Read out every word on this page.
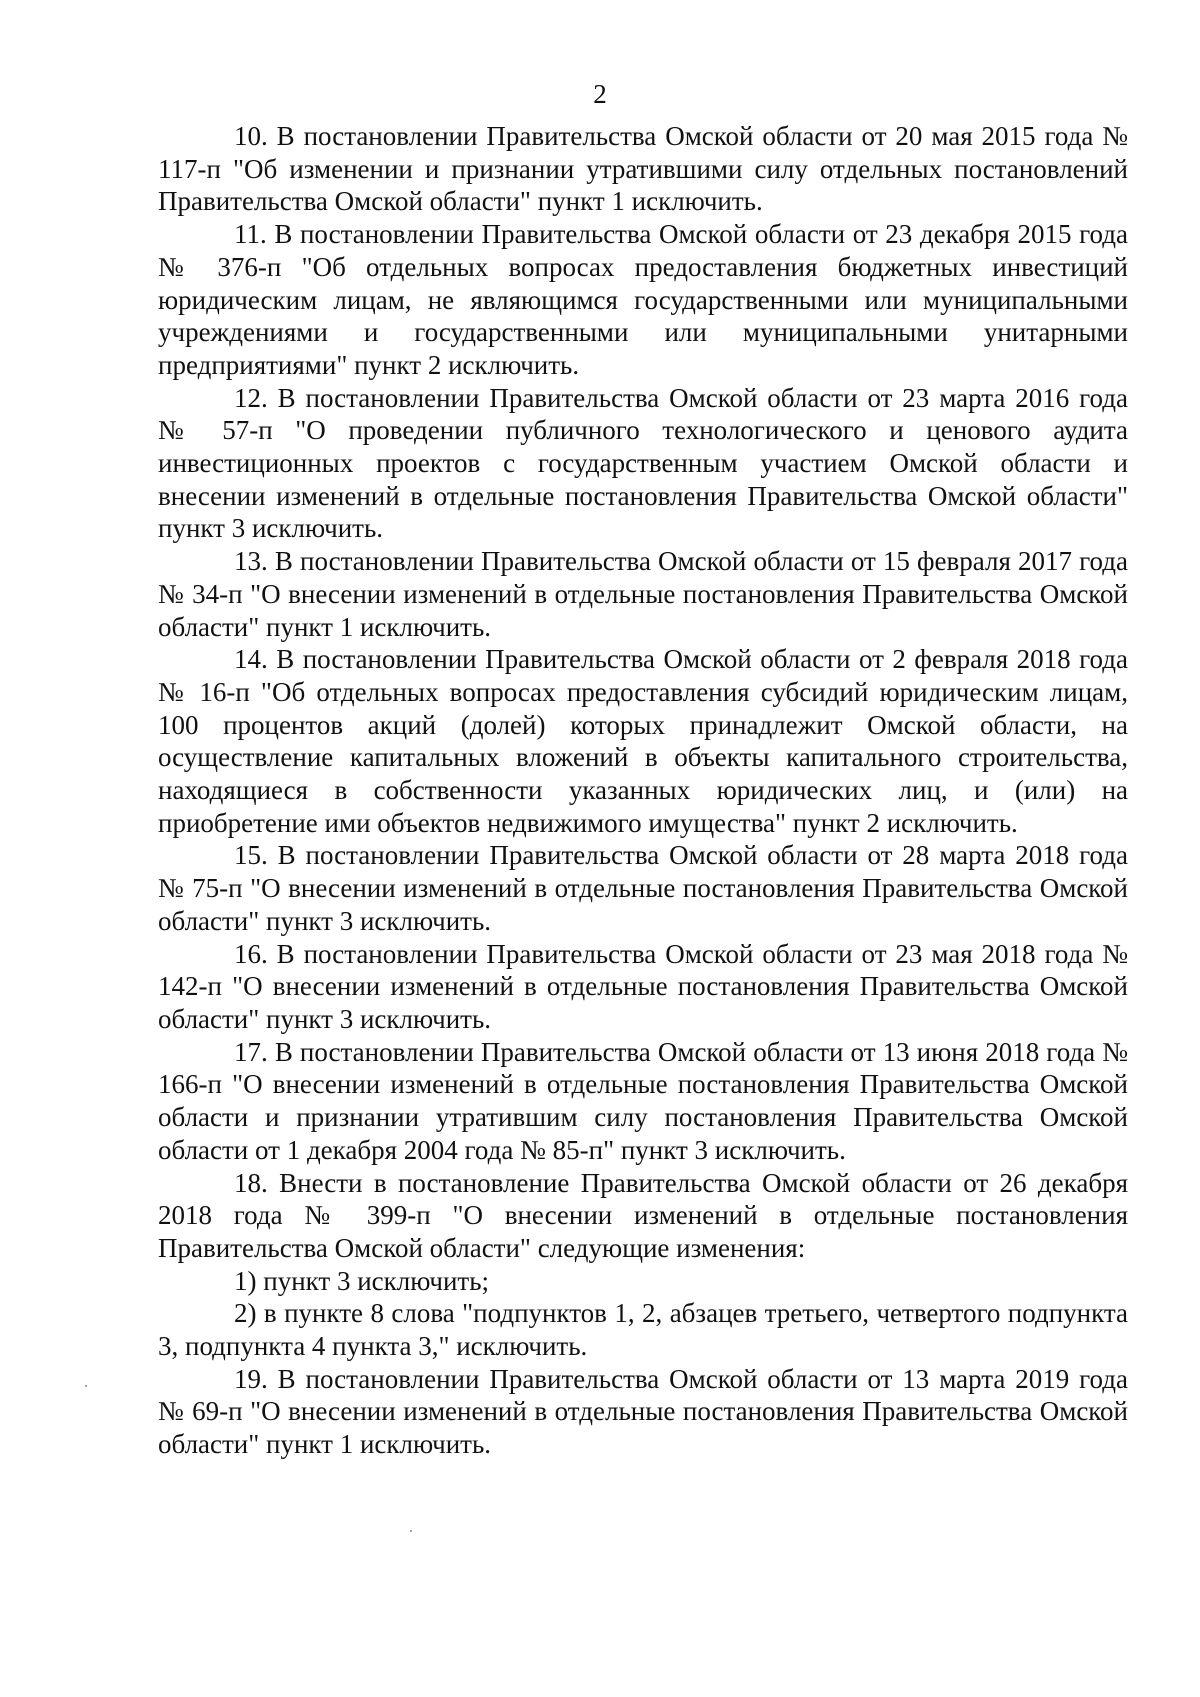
2

10. В постановлении Правительства Омской области от 20 мая 2015 года № 117-п "Об изменении и признании утратившими силу отдельных постановлений Правительства Омской области" пункт 1 исключить.

11. В постановлении Правительства Омской области от 23 декабря 2015 года № 376-п "Об отдельных вопросах предоставления бюджетных инвестиций юридическим лицам, не являющимся государственными или муниципальными учреждениями и государственными или муниципальными унитарными предприятиями" пункт 2 исключить.

12. В постановлении Правительства Омской области от 23 марта 2016 года № 57-п "О проведении публичного технологического и ценового аудита инвестиционных проектов с государственным участием Омской области и внесении изменений в отдельные постановления Правительства Омской области" пункт 3 исключить.

13. В постановлении Правительства Омской области от 15 февраля 2017 года № 34-п "О внесении изменений в отдельные постановления Правительства Омской области" пункт 1 исключить.

14. В постановлении Правительства Омской области от 2 февраля 2018 года № 16-п "Об отдельных вопросах предоставления субсидий юридическим лицам, 100 процентов акций (долей) которых принадлежит Омской области, на осуществление капитальных вложений в объекты капитального строительства, находящиеся в собственности указанных юридических лиц, и (или) на приобретение ими объектов недвижимого имущества" пункт 2 исключить.

15. В постановлении Правительства Омской области от 28 марта 2018 года № 75-п "О внесении изменений в отдельные постановления Правительства Омской области" пункт 3 исключить.

16. В постановлении Правительства Омской области от 23 мая 2018 года № 142-п "О внесении изменений в отдельные постановления Правительства Омской области" пункт 3 исключить.

17. В постановлении Правительства Омской области от 13 июня 2018 года № 166-п "О внесении изменений в отдельные постановления Правительства Омской области и признании утратившим силу постановления Правительства Омской области от 1 декабря 2004 года № 85-п" пункт 3 исключить.

18. Внести в постановление Правительства Омской области от 26 декабря 2018 года № 399-п "О внесении изменений в отдельные постановления Правительства Омской области" следующие изменения:

1) пункт 3 исключить;

2) в пункте 8 слова "подпунктов 1, 2, абзацев третьего, четвертого подпункта 3, подпункта 4 пункта 3," исключить.

19. В постановлении Правительства Омской области от 13 марта 2019 года № 69-п "О внесении изменений в отдельные постановления Правительства Омской области" пункт 1 исключить.
